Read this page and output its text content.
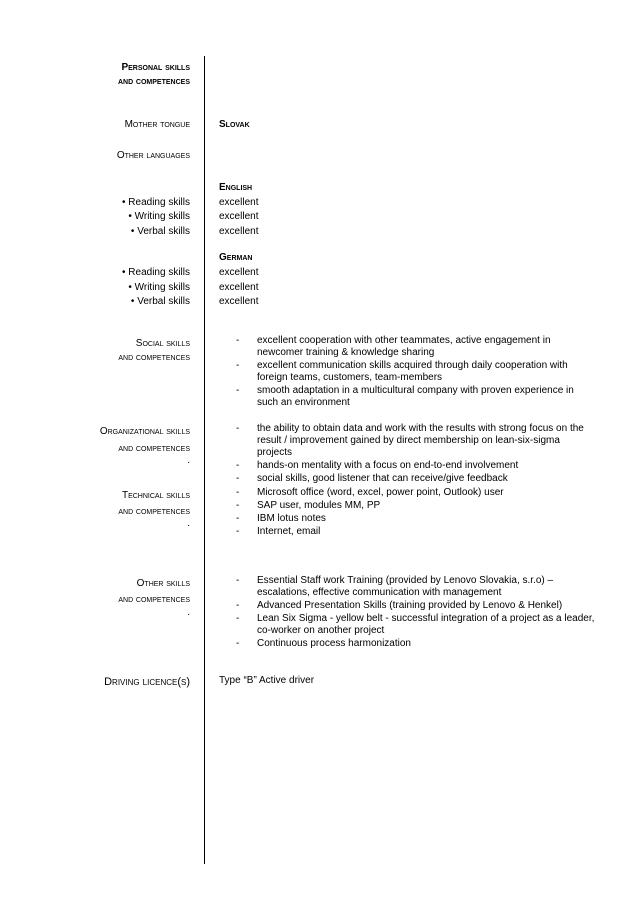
Personal skills
and competences
Mother tongue	Slovak
Other languages
English
• Reading skills	excellent
• Writing skills	excellent
• Verbal skills	excellent
German
• Reading skills	excellent
• Writing skills	excellent
• Verbal skills	excellent
Social skills
and competences
- excellent cooperation with other teammates, active engagement in newcomer training & knowledge sharing
- excellent communication skills acquired through daily cooperation with foreign teams, customers, team-members
- smooth adaptation in a multicultural company with proven experience in such an environment
Organizational skills
and competences
.
- the ability to obtain data and work with the results with strong focus on the result / improvement gained by direct membership on lean-six-sigma projects
- hands-on mentality with a focus on end-to-end involvement
- social skills, good listener that can receive/give feedback
Technical skills
and competences
.
- Microsoft office (word, excel, power point, Outlook) user
- SAP user, modules MM, PP
- IBM lotus notes
- Internet, email
Other skills
and competences
.
- Essential Staff work Training (provided by Lenovo Slovakia, s.r.o) – escalations, effective communication with management
- Advanced Presentation Skills (training provided by Lenovo & Henkel)
- Lean Six Sigma - yellow belt - successful integration of a project as a leader, co-worker on another project
- Continuous process harmonization
Driving licence(s)	Type “B” Active driver
